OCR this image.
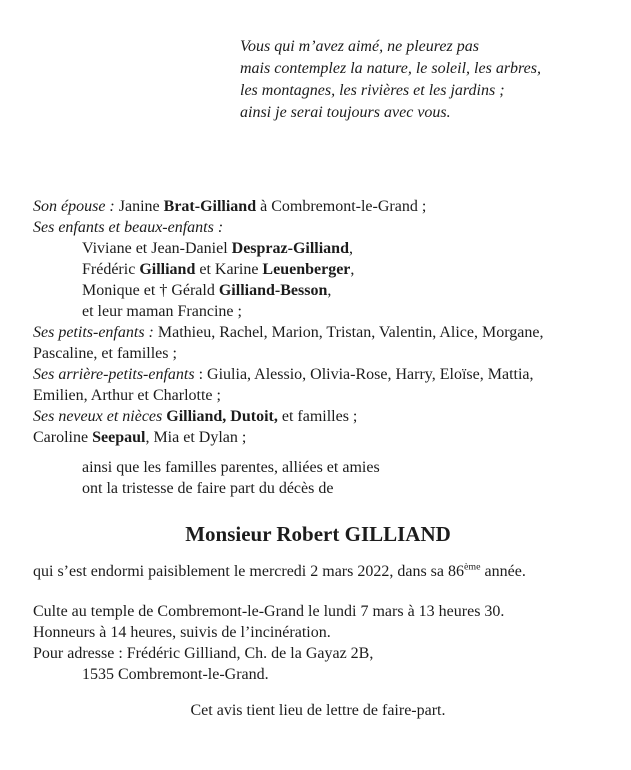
Vous qui m’avez aimé, ne pleurez pas
mais contemplez la nature, le soleil, les arbres,
les montagnes, les rivières et les jardins ;
ainsi je serai toujours avec vous.
Son épouse : Janine Brat-Gilliand à Combremont-le-Grand ;
Ses enfants et beaux-enfants :
Viviane et Jean-Daniel Despraz-Gilliand,
Frédéric Gilliand et Karine Leuenberger,
Monique et † Gérald Gilliand-Besson,
et leur maman Francine ;
Ses petits-enfants : Mathieu, Rachel, Marion, Tristan, Valentin, Alice, Morgane,
Pascaline, et familles ;
Ses arrière-petits-enfants : Giulia, Alessio, Olivia-Rose, Harry, Eloïse, Mattia,
Emilien, Arthur et Charlotte ;
Ses neveux et nièces Gilliand, Dutoit, et familles ;
Caroline Seepaul, Mia et Dylan ;
ainsi que les familles parentes, alliées et amies
ont la tristesse de faire part du décès de
Monsieur Robert GILLIAND
qui s’est endormi paisiblement le mercredi 2 mars 2022, dans sa 86ème année.
Culte au temple de Combremont-le-Grand le lundi 7 mars à 13 heures 30.
Honneurs à 14 heures, suivis de l’incinération.
Pour adresse : Frédéric Gilliand, Ch. de la Gayaz 2B,
1535 Combremont-le-Grand.
Cet avis tient lieu de lettre de faire-part.
